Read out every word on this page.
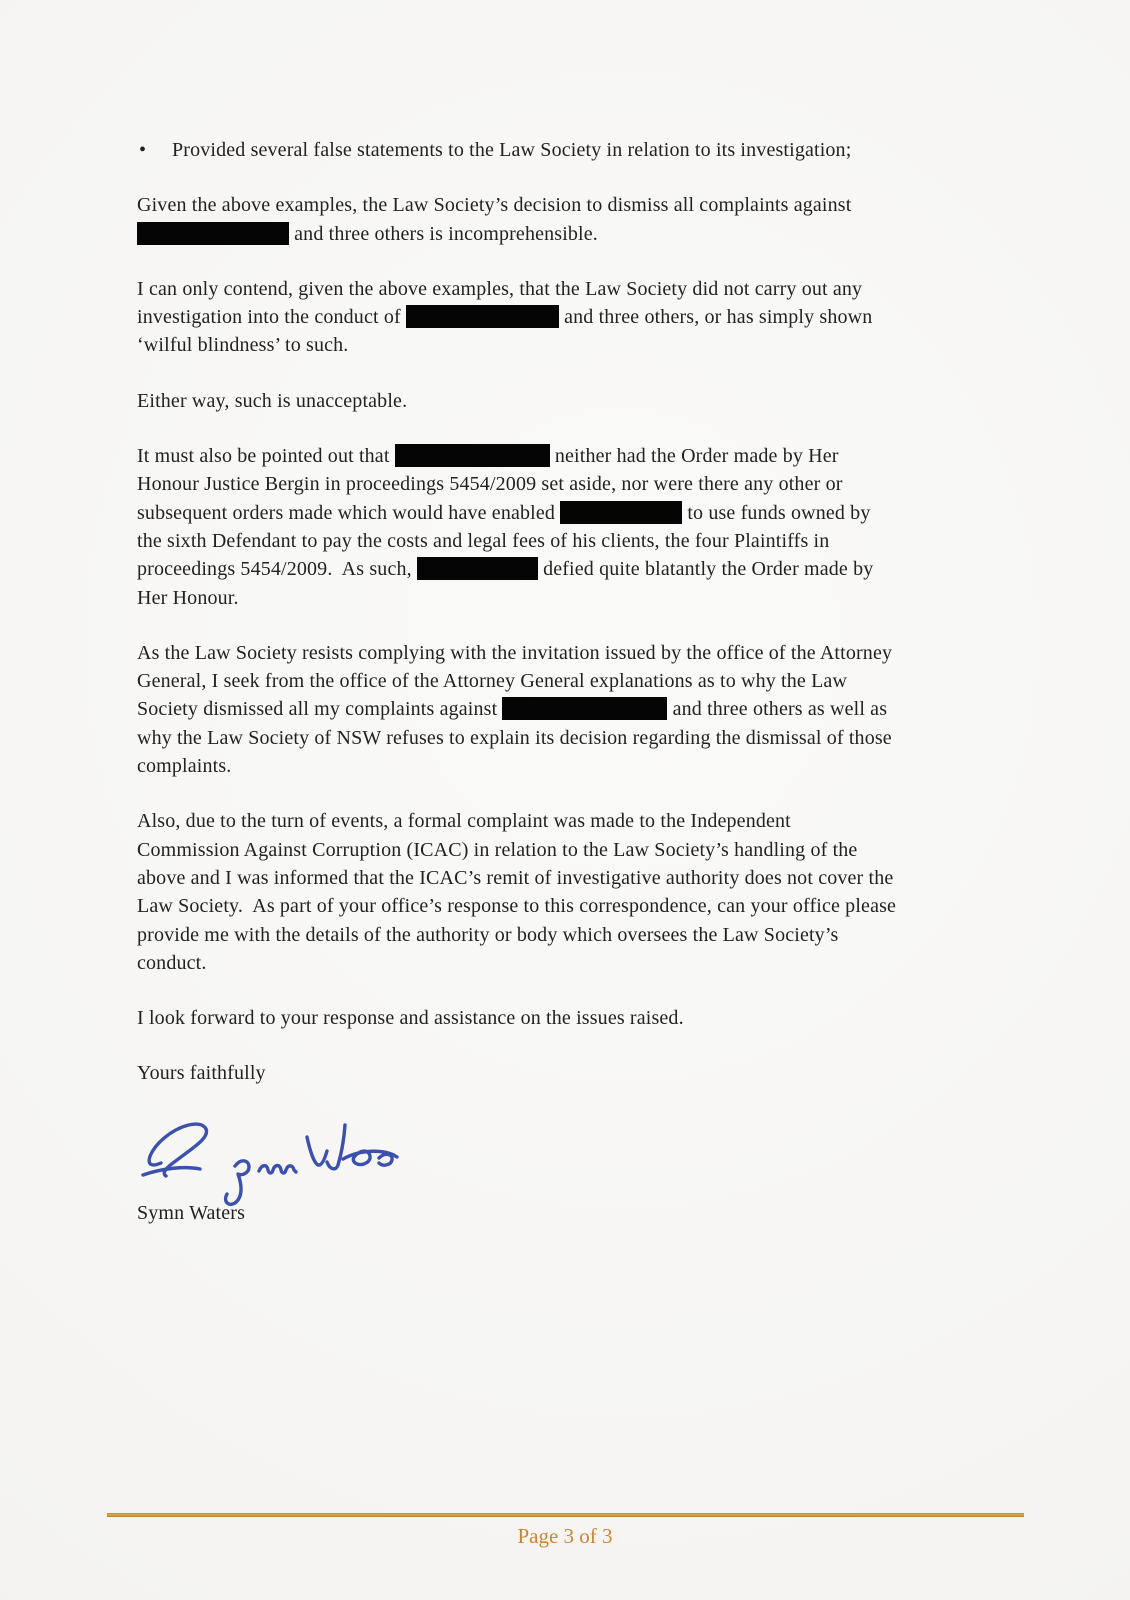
• Provided several false statements to the Law Society in relation to its investigation;
Given the above examples, the Law Society’s decision to dismiss all complaints against
and three others is incomprehensible.
I can only contend, given the above examples, that the Law Society did not carry out any
investigation into the conduct of	and three others, or has simply shown
‘wilful blindness’ to such.
Either way, such is unacceptable.
It must also be pointed out that	neither had the Order made by Her
Honour Justice Bergin in proceedings 5454/2009 set aside, nor were there any other or
subsequent orders made which would have enabled	to use funds owned by
the sixth Defendant to pay the costs and legal fees of his clients, the four Plaintiffs in
proceedings 5454/2009.  As such,	defied quite blatantly the Order made by
Her Honour.
As the Law Society resists complying with the invitation issued by the office of the Attorney
General, I seek from the office of the Attorney General explanations as to why the Law
Society dismissed all my complaints against	and three others as well as
why the Law Society of NSW refuses to explain its decision regarding the dismissal of those
complaints.
Also, due to the turn of events, a formal complaint was made to the Independent
Commission Against Corruption (ICAC) in relation to the Law Society’s handling of the
above and I was informed that the ICAC’s remit of investigative authority does not cover the
Law Society.  As part of your office’s response to this correspondence, can your office please
provide me with the details of the authority or body which oversees the Law Society’s
conduct.
I look forward to your response and assistance on the issues raised.
Yours faithfully
Symn Waters
Page 3 of 3
